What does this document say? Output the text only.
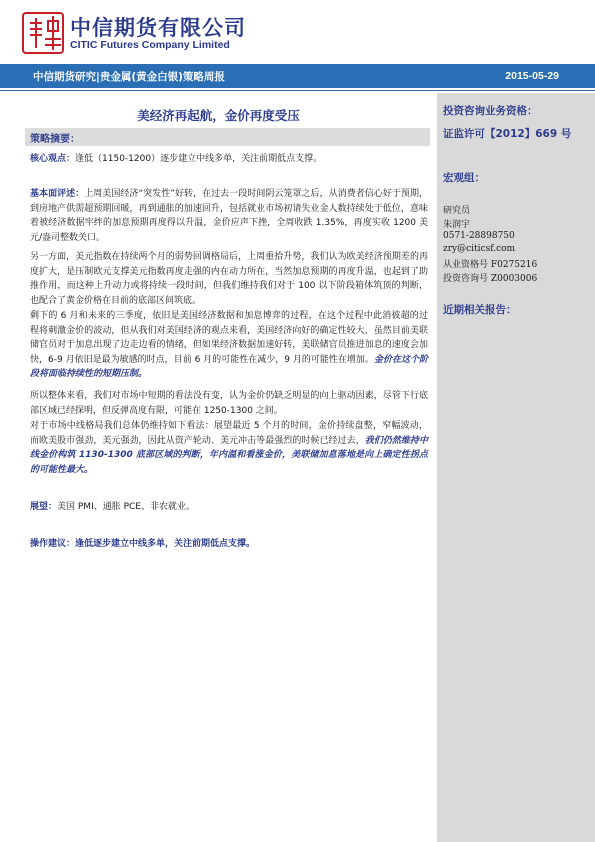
中信期货有限公司
CITIC Futures Company Limited
中信期货研究|贵金属(黄金白银)策略周报	2015-05-29
投资咨询业务资格：
证监许可【2012】669 号
宏观组：
研究员
朱润宇
0571-28898750
zry@citicsf.com
从业资格号 F0275216
投资咨询号 Z0003006
近期相关报告：
美经济再起航，金价再度受压
策略摘要：
核心观点：逢低（1150-1200）逐步建立中线多单，关注前期低点支撑。
基本面评述：上周美国经济“突发性”好转，在过去一段时间阴云笼罩之后，从消费者信心好于预期，到房地产供需超预期回暖，再到通胀的加速回升，包括就业市场初请失业金人数持续处于低位，意味着被经济数据牢绊的加息预期再度得以升温，金价应声下挫，全周收跌 1.35%，再度实收 1200 美元/盎司整数关口。
另一方面，美元指数在持续两个月的弱势回调格局后，上周重拾升势，我们认为欧美经济预期差的再度扩大，是压制欧元支撑美元指数再度走强的内在动力所在，当然加息预期的再度升温，也起到了助推作用，而这种上升动力或将持续一段时间，但我们维持我们对于 100 以下阶段箱体筑顶的判断，也配合了黄金价格在目前的底部区间筑底。
剩下的 6 月和未来的三季度，依旧是美国经济数据和加息博弈的过程，在这个过程中此消彼超的过程将刺激金价的波动，但从我们对美国经济的观点来看，美国经济向好的确定性较大，虽然目前美联储官员对于加息出现了边走边看的情绪，但如果经济数据加速好转，美联储官员推进加息的速度会加快，6-9 月依旧是最为敏感的时点，目前 6 月的可能性在减少，9 月的可能性在增加。金价在这个阶段将面临持续性的短期压制。
所以整体来看，我们对市场中短期的看法没有变，认为金价仍缺乏明显的向上驱动因素，尽管下行底部区域已经探明，但反弹高度有限，可能在 1250-1300 之间。
对于市场中线格局我们总体仍维持如下看法：展望最近 5 个月的时间，金价持续盘整，窄幅波动，而欧美股市强劲，美元强劲，因此从资产轮动、美元冲击等最强烈的时候已经过去，我们仍然维持中线金价构筑 1130-1300 底部区域的判断，年内温和看涨金价，美联储加息落地是向上确定性拐点的可能性最大。
展望：美国 PMI、通胀 PCE、非农就业。
操作建议：逢低逐步建立中线多单，关注前期低点支撑。
